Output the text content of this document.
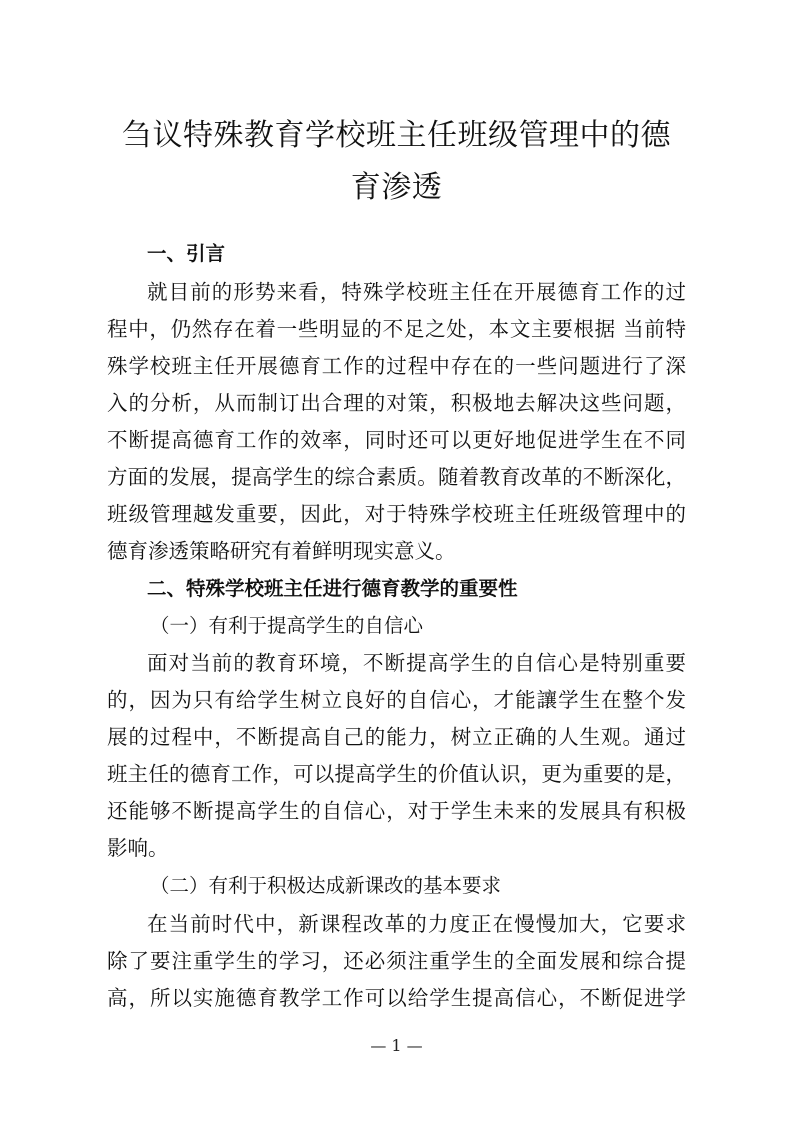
刍议特殊教育学校班主任班级管理中的德
育渗透
一、引言
就目前的形势来看，特殊学校班主任在开展德育工作的过
程中，仍然存在着一些明显的不足之处，本文主要根据 当前特
殊学校班主任开展德育工作的过程中存在的一些问题进行了深
入的分析，从而制订出合理的对策，积极地去解决这些问题，
不断提高德育工作的效率，同时还可以更好地促进学生在不同
方面的发展，提高学生的综合素质。随着教育改革的不断深化，
班级管理越发重要，因此，对于特殊学校班主任班级管理中的
德育渗透策略研究有着鲜明现实意义。
二、特殊学校班主任进行德育教学的重要性
（一）有利于提高学生的自信心
面对当前的教育环境，不断提高学生的自信心是特别重要
的，因为只有给学生树立良好的自信心，才能讓学生在整个发
展的过程中，不断提高自己的能力，树立正确的人生观。通过
班主任的德育工作，可以提高学生的价值认识，更为重要的是，
还能够不断提高学生的自信心，对于学生未来的发展具有积极
影响。
（二）有利于积极达成新课改的基本要求
在当前时代中，新课程改革的力度正在慢慢加大，它要求
除了要注重学生的学习，还必须注重学生的全面发展和综合提
高，所以实施德育教学工作可以给学生提高信心，不断促进学
— 1 —
